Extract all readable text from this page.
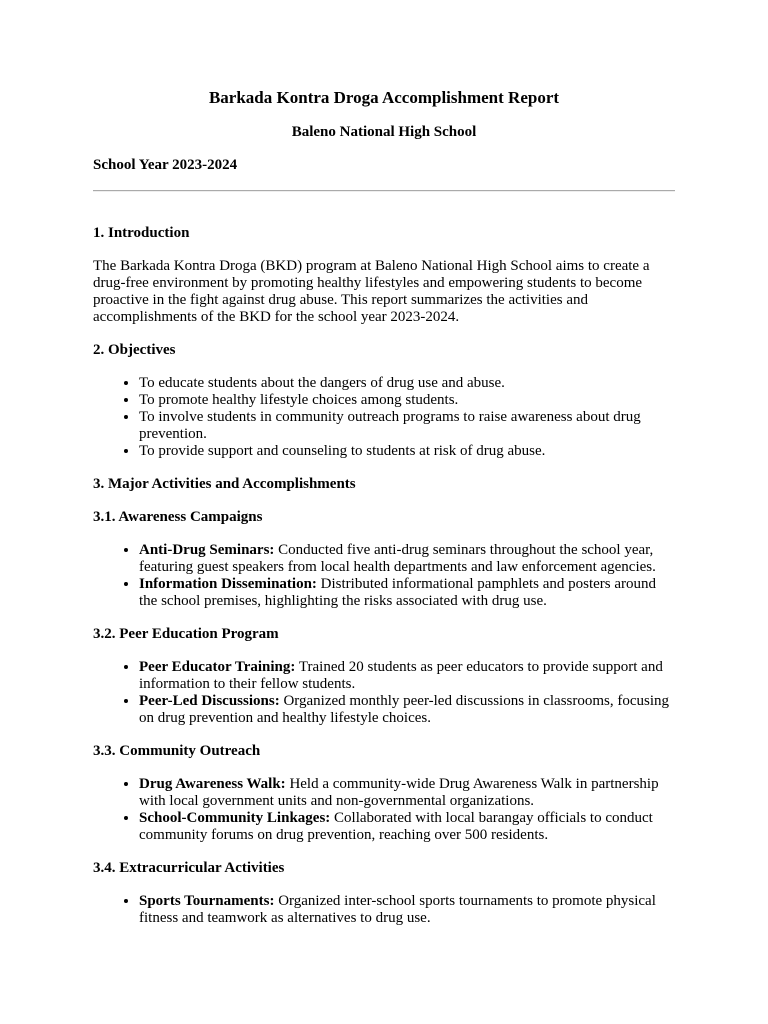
Barkada Kontra Droga Accomplishment Report

Baleno National High School

School Year 2023-2024

1. Introduction

The Barkada Kontra Droga (BKD) program at Baleno National High School aims to create a drug-free environment by promoting healthy lifestyles and empowering students to become proactive in the fight against drug abuse. This report summarizes the activities and accomplishments of the BKD for the school year 2023-2024.

2. Objectives
• To educate students about the dangers of drug use and abuse.
• To promote healthy lifestyle choices among students.
• To involve students in community outreach programs to raise awareness about drug prevention.
• To provide support and counseling to students at risk of drug abuse.
3. Major Activities and Accomplishments
3.1. Awareness Campaigns
• Anti-Drug Seminars: Conducted five anti-drug seminars throughout the school year, featuring guest speakers from local health departments and law enforcement agencies.
• Information Dissemination: Distributed informational pamphlets and posters around the school premises, highlighting the risks associated with drug use.
3.2. Peer Education Program
• Peer Educator Training: Trained 20 students as peer educators to provide support and information to their fellow students.
• Peer-Led Discussions: Organized monthly peer-led discussions in classrooms, focusing on drug prevention and healthy lifestyle choices.
3.3. Community Outreach
• Drug Awareness Walk: Held a community-wide Drug Awareness Walk in partnership with local government units and non-governmental organizations.
• School-Community Linkages: Collaborated with local barangay officials to conduct community forums on drug prevention, reaching over 500 residents.
3.4. Extracurricular Activities
• Sports Tournaments: Organized inter-school sports tournaments to promote physical fitness and teamwork as alternatives to drug use.
